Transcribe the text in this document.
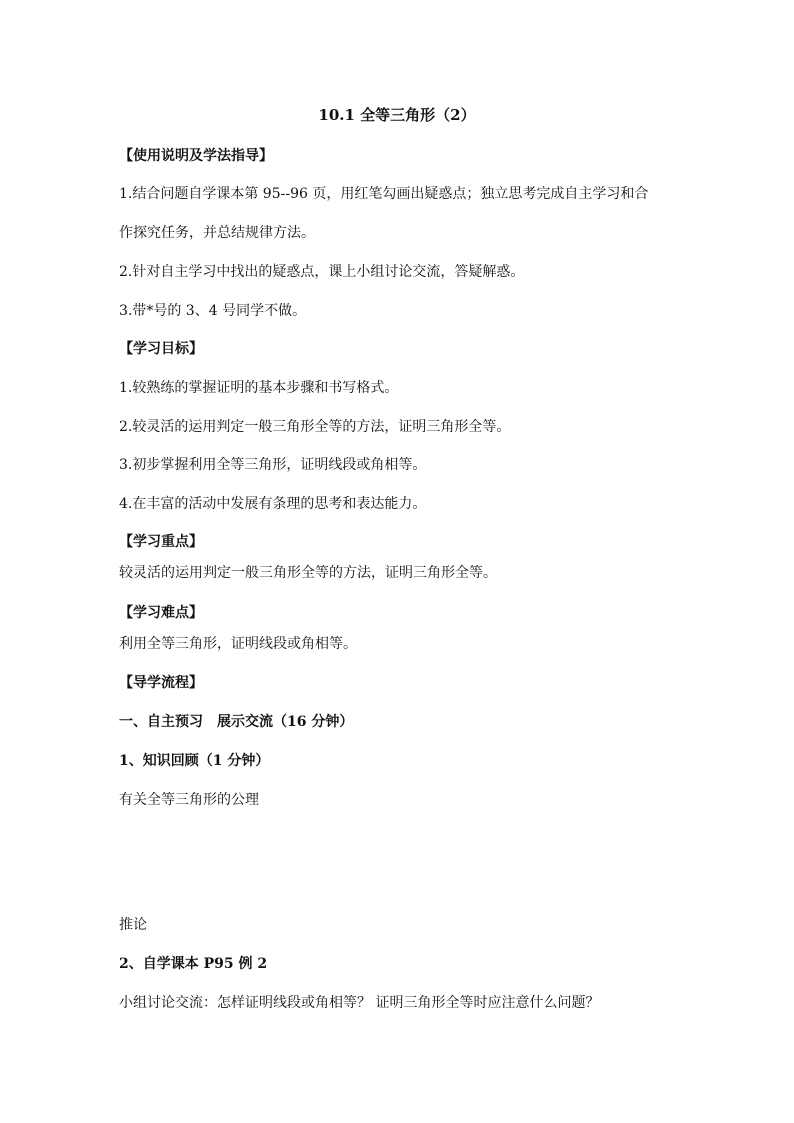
10.1 全等三角形（2）
【使用说明及学法指导】
1.结合问题自学课本第 95--96 页，用红笔勾画出疑惑点；独立思考完成自主学习和合
作探究任务，并总结规律方法。
2.针对自主学习中找出的疑惑点，课上小组讨论交流，答疑解惑。
3.带*号的 3、4 号同学不做。
【学习目标】
1.较熟练的掌握证明的基本步骤和书写格式。
2.较灵活的运用判定一般三角形全等的方法，证明三角形全等。
3.初步掌握利用全等三角形，证明线段或角相等。
4.在丰富的活动中发展有条理的思考和表达能力。
【学习重点】
较灵活的运用判定一般三角形全等的方法，证明三角形全等。
【学习难点】
利用全等三角形，证明线段或角相等。
【导学流程】
一、自主预习　展示交流（16 分钟）
1、知识回顾（1 分钟）
有关全等三角形的公理
推论
2、自学课本 P95 例 2
小组讨论交流：怎样证明线段或角相等？ 证明三角形全等时应注意什么问题？
